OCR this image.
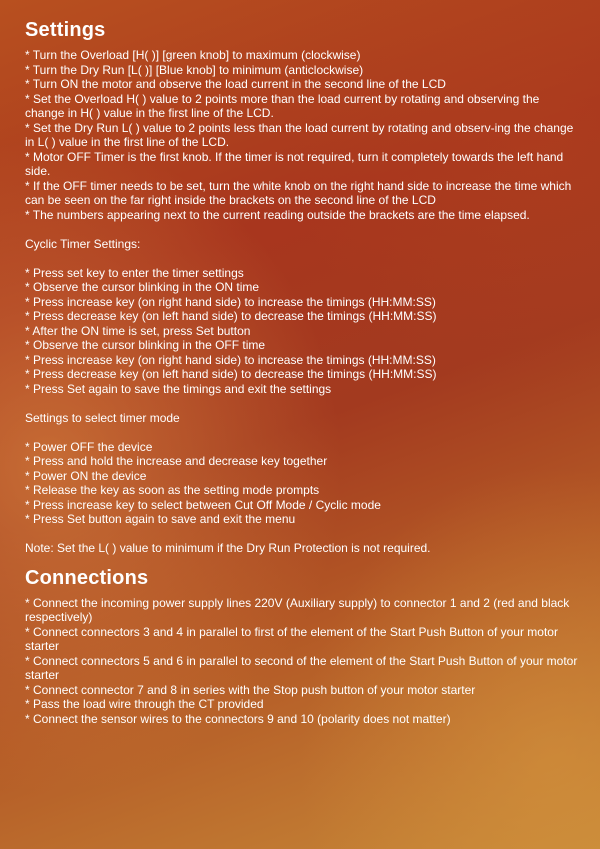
Settings

* Turn the Overload [H( )] [green knob] to maximum (clockwise)

* Turn the Dry Run [L( )] [Blue knob] to minimum (anticlockwise)

* Turn ON the motor and observe the load current in the second line of the LCD

* Set the Overload H( ) value to 2 points more than the load current by rotating and observing the change in H( ) value in the first line of the LCD.

* Set the Dry Run L( ) value to 2 points less than the load current by rotating and observ-ing the change in L( ) value in the first line of the LCD.

* Motor OFF Timer is the first knob. If the timer is not required, turn it completely towards the left hand side.

* If the OFF timer needs to be set, turn the white knob on the right hand side to increase the time which can be seen on the far right inside the brackets on the second line of the LCD

* The numbers appearing next to the current reading outside the brackets are the time elapsed.

Cyclic Timer Settings:

* Press set key to enter the timer settings

* Observe the cursor blinking in the ON time

* Press increase key (on right hand side) to increase the timings (HH:MM:SS)

* Press decrease key (on left hand side) to decrease the timings (HH:MM:SS)

* After the ON time is set, press Set button

* Observe the cursor blinking in the OFF time

* Press increase key (on right hand side) to increase the timings (HH:MM:SS)

* Press decrease key (on left hand side) to decrease the timings (HH:MM:SS)

* Press Set again to save the timings and exit the settings

Settings to select timer mode

* Power OFF the device

* Press and hold the increase and decrease key together

* Power ON the device

* Release the key as soon as the setting mode prompts

* Press increase key to select between Cut Off Mode / Cyclic mode

* Press Set button again to save and exit the menu

Note: Set the L( ) value to minimum if the Dry Run Protection is not required.

Connections

* Connect the incoming power supply lines 220V (Auxiliary supply) to connector 1 and 2 (red and black respectively)

* Connect connectors 3 and 4 in parallel to first of the element of the Start Push Button of your motor starter

* Connect connectors 5 and 6 in parallel to second of the element of the Start Push Button of your motor starter

* Connect connector 7 and 8 in series with the Stop push button of your motor starter

* Pass the load wire through the CT provided

* Connect the sensor wires to the connectors 9 and 10 (polarity does not matter)
